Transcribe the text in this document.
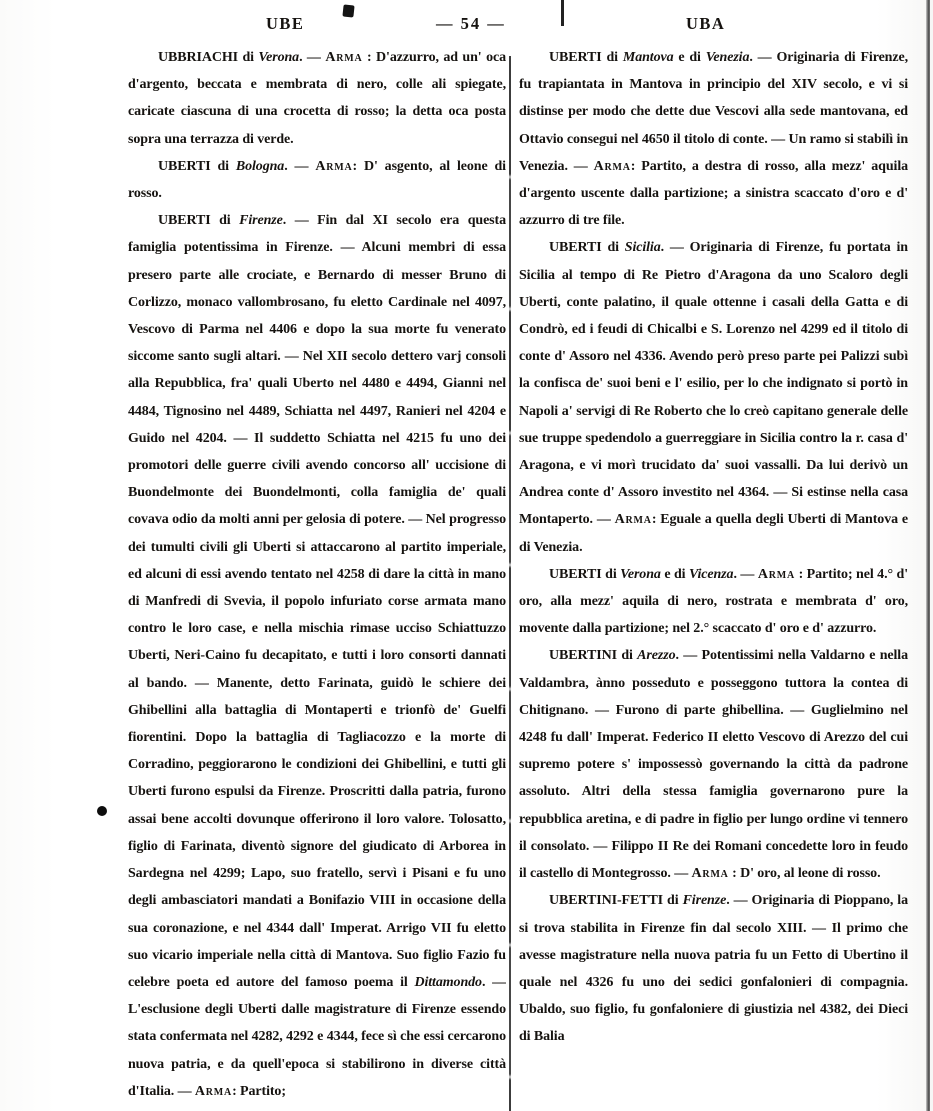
UBE	— 54 —	UBA

UBBRIACHI di Verona. — Arma : D'azzurro, ad un' oca d'argento, beccata e membrata di nero, colle ali spiegate, caricate ciascuna di una crocetta di rosso; la detta oca posta sopra una terrazza di verde.

UBERTI di Bologna. — Arma: D' asgento, al leone di rosso.

UBERTI di Firenze. — Fin dal XI secolo era questa famiglia potentissima in Firenze. — Alcuni membri di essa presero parte alle crociate, e Bernardo di messer Bruno di Corlizzo, monaco vallombrosano, fu eletto Cardinale nel 4097, Vescovo di Parma nel 4406 e dopo la sua morte fu venerato siccome santo sugli altari. — Nel XII secolo dettero varj consoli alla Repubblica, fra' quali Uberto nel 4480 e 4494, Gianni nel 4484, Tignosino nel 4489, Schiatta nel 4497, Ranieri nel 4204 e Guido nel 4204. — Il suddetto Schiatta nel 4215 fu uno dei promotori delle guerre civili avendo concorso all' uccisione di Buondelmonte dei Buondelmonti, colla famiglia de' quali covava odio da molti anni per gelosia di potere. — Nel progresso dei tumulti civili gli Uberti si attaccarono al partito imperiale, ed alcuni di essi avendo tentato nel 4258 di dare la città in mano di Manfredi di Svevia, il popolo infuriato corse armata mano contro le loro case, e nella mischia rimase ucciso Schiattuzzo Uberti, Neri-Caino fu decapitato, e tutti i loro consorti dannati al bando. — Manente, detto Farinata, guidò le schiere dei Ghibellini alla battaglia di Montaperti e trionfò de' Guelfi fiorentini. Dopo la battaglia di Tagliacozzo e la morte di Corradino, peggiorarono le condizioni dei Ghibellini, e tutti gli Uberti furono espulsi da Firenze. Proscritti dalla patria, furono assai bene accolti dovunque offerirono il loro valore. Tolosatto, figlio di Farinata, diventò signore del giudicato di Arborea in Sardegna nel 4299; Lapo, suo fratello, servì i Pisani e fu uno degli ambasciatori mandati a Bonifazio VIII in occasione della sua coronazione, e nel 4344 dall' Imperat. Arrigo VII fu eletto suo vicario imperiale nella città di Mantova. Suo figlio Fazio fu celebre poeta ed autore del famoso poema il Dittamondo. — L'esclusione degli Uberti dalle magistrature di Firenze essendo stata confermata nel 4282, 4292 e 4344, fece sì che essi cercarono nuova patria, e da quell'epoca si stabilirono in diverse città d'Italia. — Arma: Partito;

UBERTI di Mantova e di Venezia. — Originaria di Firenze, fu trapiantata in Mantova in principio del XIV secolo, e vi si distinse per modo che dette due Vescovi alla sede mantovana, ed Ottavio consegui nel 4650 il titolo di conte. — Un ramo si stabilì in Venezia. — Arma: Partito, a destra di rosso, alla mezz' aquila d'argento uscente dalla partizione; a sinistra scaccato d'oro e d' azzurro di tre file.

UBERTI di Sicilia. — Originaria di Firenze, fu portata in Sicilia al tempo di Re Pietro d'Aragona da uno Scaloro degli Uberti, conte palatino, il quale ottenne i casali della Gatta e di Condrò, ed i feudi di Chicalbi e S. Lorenzo nel 4299 ed il titolo di conte d' Assoro nel 4336. Avendo però preso parte pei Palizzi subì la confisca de' suoi beni e l' esilio, per lo che indignato si portò in Napoli a' servigi di Re Roberto che lo creò capitano generale delle sue truppe spedendolo a guerreggiare in Sicilia contro la r. casa d' Aragona, e vi morì trucidato da' suoi vassalli. Da lui derivò un Andrea conte d' Assoro investito nel 4364. — Si estinse nella casa Montaperto. — Arma: Eguale a quella degli Uberti di Mantova e di Venezia.

UBERTI di Verona e di Vicenza. — Arma : Partito; nel 4.° d' oro, alla mezz' aquila di nero, rostrata e membrata d' oro, movente dalla partizione; nel 2.° scaccato d' oro e d' azzurro.

UBERTINI di Arezzo. — Potentissimi nella Valdarno e nella Valdambra, ànno posseduto e posseggono tuttora la contea di Chitignano. — Furono di parte ghibellina. — Guglielmino nel 4248 fu dall' Imperat. Federico II eletto Vescovo di Arezzo del cui supremo potere s' impossessò governando la città da padrone assoluto. Altri della stessa famiglia governarono pure la repubblica aretina, e di padre in figlio per lungo ordine vi tennero il consolato. — Filippo II Re dei Romani concedette loro in feudo il castello di Montegrosso. — Arma : D' oro, al leone di rosso.

UBERTINI-FETTI di Firenze. — Originaria di Pioppano, la si trova stabilita in Firenze fin dal secolo XIII. — Il primo che avesse magistrature nella nuova patria fu un Fetto di Ubertino il quale nel 4326 fu uno dei sedici gonfalonieri di compagnia. Ubaldo, suo figlio, fu gonfaloniere di giustizia nel 4382, dei Dieci di Balia
